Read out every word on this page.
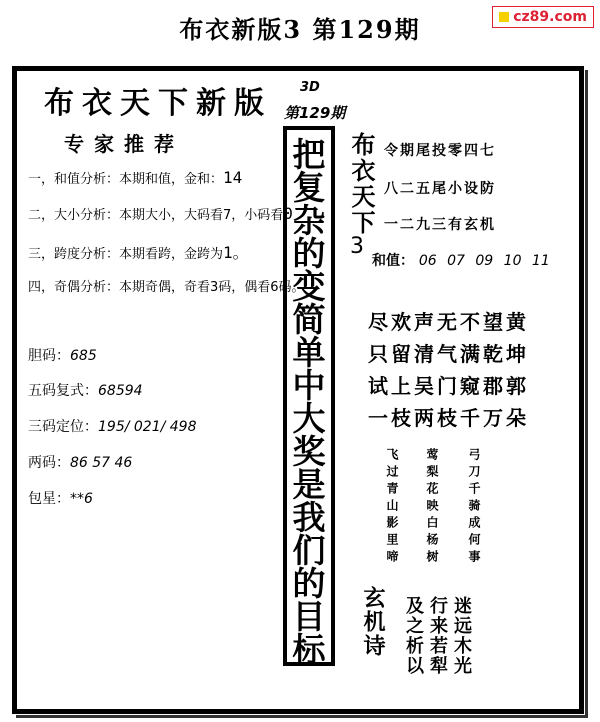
布衣新版3 第129期	cz89.com
布衣天下新版
专家推荐
一，和值分析：本期和值，金和：14
二，大小分析：本期大小，大码看7，小码看0
三，跨度分析：本期看跨，金跨为1。
四，奇偶分析：本期奇偶，奇看3码，偶看6码。
胆码：685
五码复式：68594
三码定位：195/ 021/ 498
两码：86 57 46
包星：**6
3D
第129期
把
复
杂
的
变
简
单
中
大
奖
是
我
们
的
目
标
布衣天下
3
令期尾投零四七
八二五尾小设防
一二九三有玄机
和值： 06 07 09 10 11
尽欢声无不望黄
只留清气满乾坤
试上吴门窥郡郭
一枝两枝千万朵
飞过青山影里啼 莺梨花映白杨树 弓刀千骑成何事
玄机诗 及之析以 行来若犁 迷远木光
